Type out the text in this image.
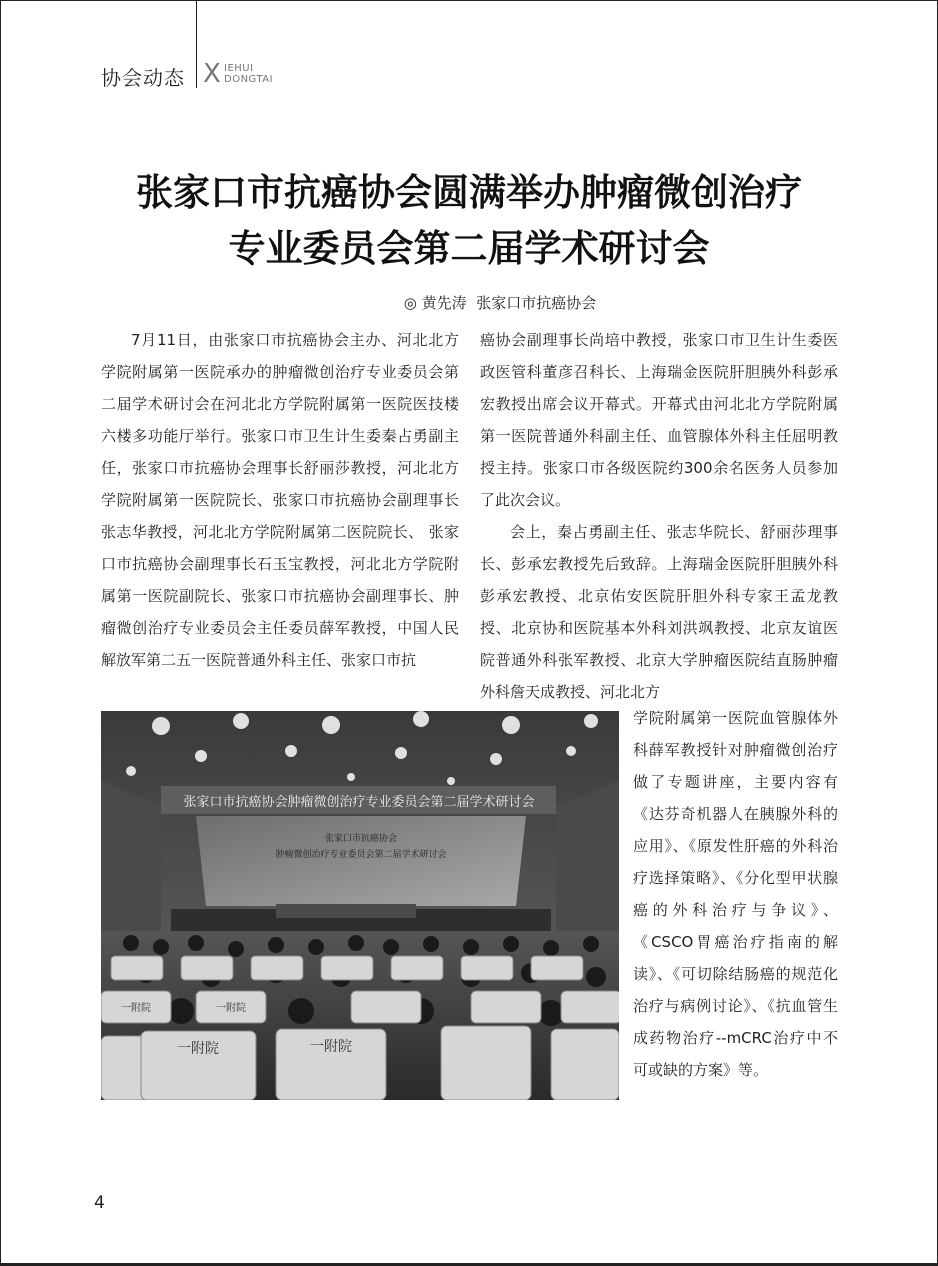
协会动态 X IEHUI
DONGTAI
张家口市抗癌协会圆满举办肿瘤微创治疗
专业委员会第二届学术研讨会
◎ 黄先涛  张家口市抗癌协会

7月11日，由张家口市抗癌协会主办、河北北方学院附属第一医院承办的肿瘤微创治疗专业委员会第二届学术研讨会在河北北方学院附属第一医院医技楼六楼多功能厅举行。张家口市卫生计生委秦占勇副主任，张家口市抗癌协会理事长舒丽莎教授，河北北方学院附属第一医院院长、张家口市抗癌协会副理事长张志华教授，河北北方学院附属第二医院院长、 张家口市抗癌协会副理事长石玉宝教授，河北北方学院附属第一医院副院长、张家口市抗癌协会副理事长、肿瘤微创治疗专业委员会主任委员薛军教授，中国人民解放军第二五一医院普通外科主任、张家口市抗

癌协会副理事长尚培中教授，张家口市卫生计生委医政医管科董彦召科长、上海瑞金医院肝胆胰外科彭承宏教授出席会议开幕式。开幕式由河北北方学院附属第一医院普通外科副主任、血管腺体外科主任屈明教授主持。张家口市各级医院约300余名医务人员参加了此次会议。

会上，秦占勇副主任、张志华院长、舒丽莎理事长、彭承宏教授先后致辞。上海瑞金医院肝胆胰外科彭承宏教授、北京佑安医院肝胆外科专家王孟龙教授、北京协和医院基本外科刘洪飒教授、北京友谊医院普通外科张军教授、北京大学肿瘤医院结直肠肿瘤外科詹天成教授、河北北方

学院附属第一医院血管腺体外科薛军教授针对肿瘤微创治疗做了专题讲座，主要内容有《达芬奇机器人在胰腺外科的应用》、《原发性肝癌的外科治疗选择策略》、《分化型甲状腺癌的外科治疗与争议》、《CSCO胃癌治疗指南的解读》、《可切除结肠癌的规范化治疗与病例讨论》、《抗血管生成药物治疗--mCRC治疗中不可或缺的方案》等。

张家口市抗癌协会肿瘤微创治疗专业委员会第二届学术研讨会
张家口市抗癌协会
肿瘤微创治疗专业委员会第二届学术研讨会
一附院	一附院
一附院
一附院
4
